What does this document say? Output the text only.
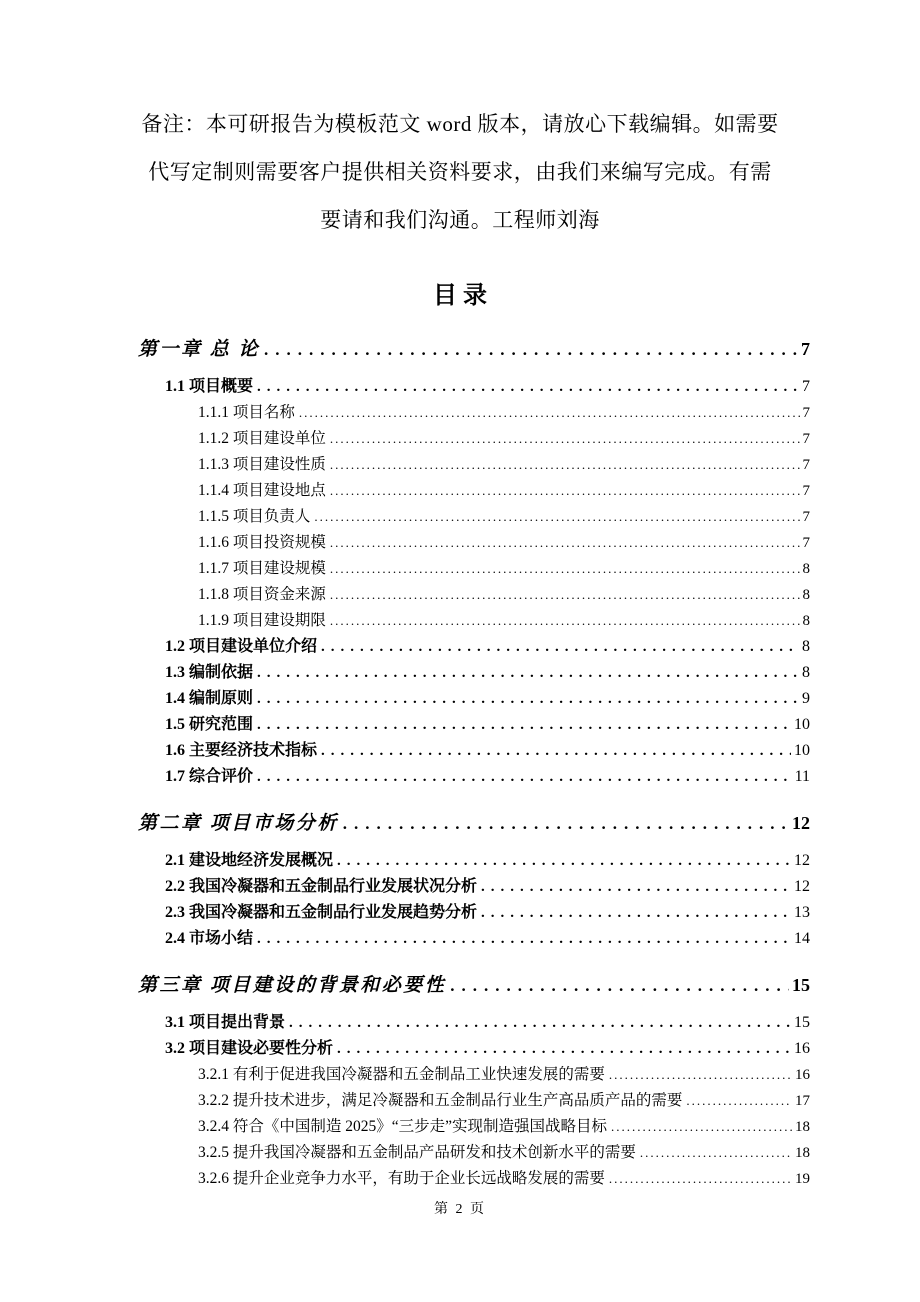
备注：本可研报告为模板范文 word 版本，请放心下载编辑。如需要
代写定制则需要客户提供相关资料要求，由我们来编写完成。有需
要请和我们沟通。工程师刘海
目 录
第一章 总 论 .....	7
1.1 项目概要 .....	7
1.1.1 项目名称 .....	7
1.1.2 项目建设单位 .....	7
1.1.3 项目建设性质 .....	7
1.1.4 项目建设地点 .....	7
1.1.5 项目负责人 .....	7
1.1.6 项目投资规模 .....	7
1.1.7 项目建设规模 .....	8
1.1.8 项目资金来源 .....	8
1.1.9 项目建设期限 .....	8
1.2 项目建设单位介绍 .....	8
1.3 编制依据 .....	8
1.4 编制原则 .....	9
1.5 研究范围 .....	10
1.6 主要经济技术指标 .....	10
1.7 综合评价 .....	11
第二章 项目市场分析 .....	12
2.1 建设地经济发展概况 .....	12
2.2 我国冷凝器和五金制品行业发展状况分析 .....	12
2.3 我国冷凝器和五金制品行业发展趋势分析 .....	13
2.4 市场小结 .....	14
第三章 项目建设的背景和必要性 .....	15
3.1 项目提出背景 .....	15
3.2 项目建设必要性分析 .....	16
3.2.1 有利于促进我国冷凝器和五金制品工业快速发展的需要 .....	16
3.2.2 提升技术进步，满足冷凝器和五金制品行业生产高品质产品的需要 .....	17
3.2.4 符合《中国制造 2025》“三步走”实现制造强国战略目标 .....	18
3.2.5 提升我国冷凝器和五金制品产品研发和技术创新水平的需要 .....	18
3.2.6 提升企业竞争力水平，有助于企业长远战略发展的需要 .....	19
第 2 页
